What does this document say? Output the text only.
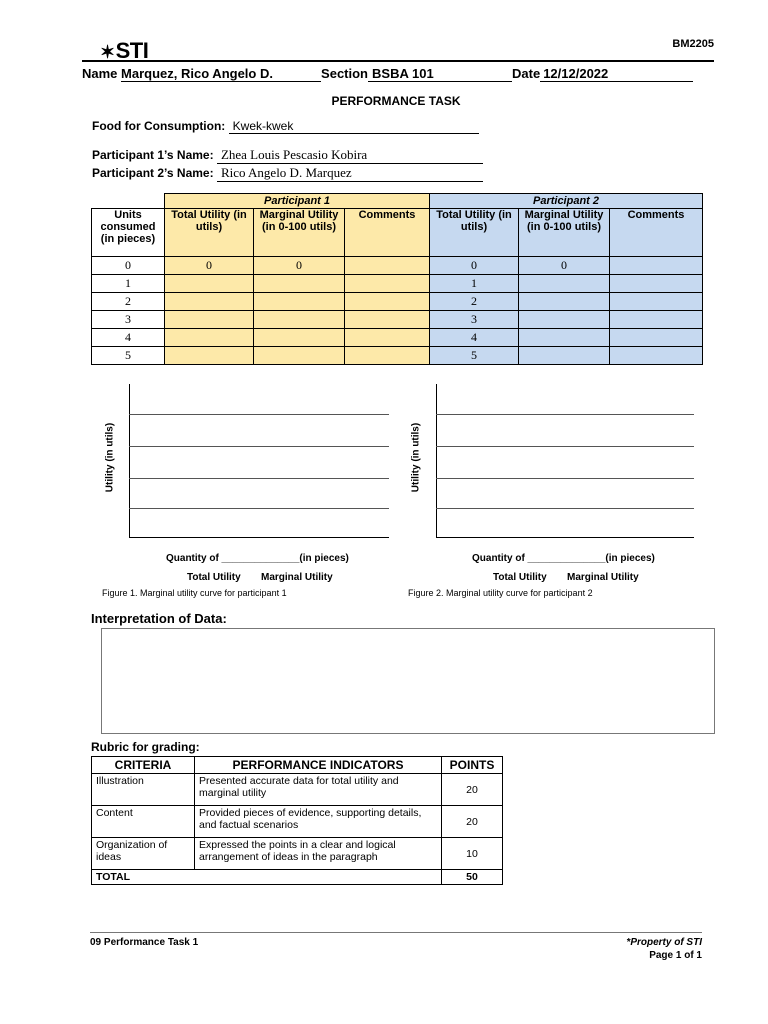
✶STI	BM2205
Name Marquez, Rico Angelo D.	Section BSBA 101	Date 12/12/2022
PERFORMANCE TASK
Food for Consumption: Kwek-kwek
Participant 1’s Name: Zhea Louis Pescasio Kobira
Participant 2’s Name: Rico Angelo D. Marquez
	Participant 1			Participant 2		
Units consumed (in pieces)	Total Utility (in utils)	Marginal Utility (in 0-100 utils)	Comments	Total Utility (in utils)	Marginal Utility (in 0-100 utils)	Comments
0	0	0		0	0	
1				1		
2				2		
3				3		
4				4		
5				5		
Utility (in utils)
Quantity of ______________(in pieces)
Total Utility Marginal Utility
Figure 1. Marginal utility curve for participant 1
Utility (in utils)
Quantity of ______________(in pieces)
Total Utility Marginal Utility
Figure 2. Marginal utility curve for participant 2
Interpretation of Data:
Rubric for grading:
CRITERIA	PERFORMANCE INDICATORS	POINTS
Illustration	Presented accurate data for total utility and marginal utility	20
Content	Provided pieces of evidence, supporting details, and factual scenarios	20
Organization of ideas	Expressed the points in a clear and logical arrangement of ideas in the paragraph	10
TOTAL		50
09 Performance Task 1	*Property of STI
Page 1 of 1
